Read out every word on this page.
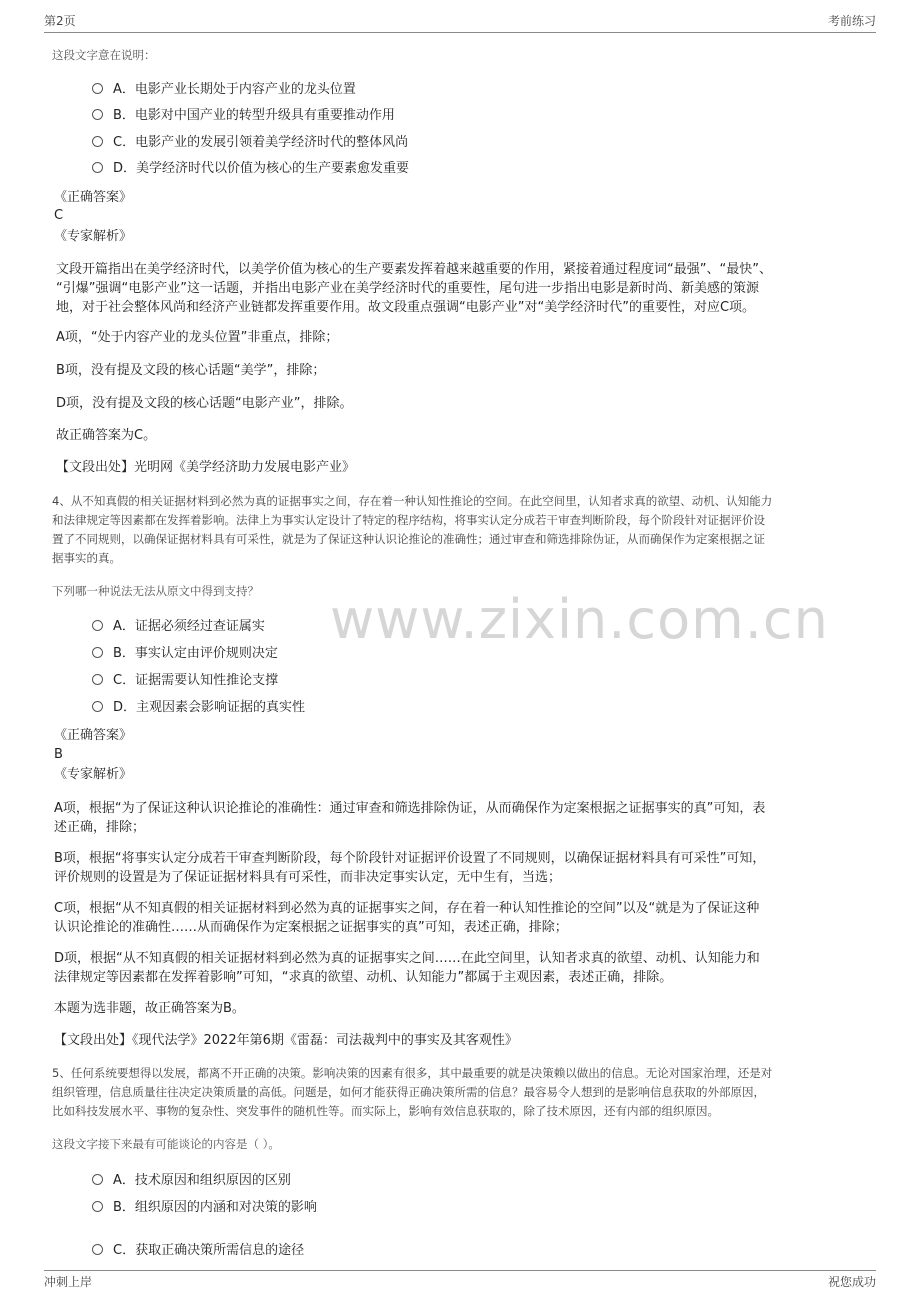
第2页	考前练习
www.zixin.com.cn

这段文字意在说明：

A．电影产业长期处于内容产业的龙头位置
B．电影对中国产业的转型升级具有重要推动作用
C．电影产业的发展引领着美学经济时代的整体风尚
D．美学经济时代以价值为核心的生产要素愈发重要

《正确答案》

C

《专家解析》

文段开篇指出在美学经济时代，以美学价值为核心的生产要素发挥着越来越重要的作用，紧接着通过程度词“最强”、“最快”、

“引爆”强调“电影产业”这一话题，并指出电影产业在美学经济时代的重要性，尾句进一步指出电影是新时尚、新美感的策源

地，对于社会整体风尚和经济产业链都发挥重要作用。故文段重点强调“电影产业”对“美学经济时代”的重要性，对应C项。

A项，“处于内容产业的龙头位置”非重点，排除；

B项，没有提及文段的核心话题“美学”，排除；

D项，没有提及文段的核心话题“电影产业”，排除。

故正确答案为C。

【文段出处】光明网《美学经济助力发展电影产业》

4、从不知真假的相关证据材料到必然为真的证据事实之间，存在着一种认知性推论的空间。在此空间里，认知者求真的欲望、动机、认知能力

和法律规定等因素都在发挥着影响。法律上为事实认定设计了特定的程序结构，将事实认定分成若干审查判断阶段，每个阶段针对证据评价设

置了不同规则，以确保证据材料具有可采性，就是为了保证这种认识论推论的准确性；通过审查和筛选排除伪证，从而确保作为定案根据之证

据事实的真。

下列哪一种说法无法从原文中得到支持？

A．证据必须经过查证属实
B．事实认定由评价规则决定
C．证据需要认知性推论支撑
D．主观因素会影响证据的真实性

《正确答案》

B

《专家解析》

A项，根据“为了保证这种认识论推论的准确性：通过审查和筛选排除伪证，从而确保作为定案根据之证据事实的真”可知，表

述正确，排除；

B项，根据“将事实认定分成若干审查判断阶段，每个阶段针对证据评价设置了不同规则，以确保证据材料具有可采性”可知，

评价规则的设置是为了保证证据材料具有可采性，而非决定事实认定，无中生有，当选；

C项，根据“从不知真假的相关证据材料到必然为真的证据事实之间，存在着一种认知性推论的空间”以及“就是为了保证这种

认识论推论的准确性……从而确保作为定案根据之证据事实的真”可知，表述正确，排除；

D项，根据“从不知真假的相关证据材料到必然为真的证据事实之间……在此空间里，认知者求真的欲望、动机、认知能力和

法律规定等因素都在发挥着影响”可知，“求真的欲望、动机、认知能力”都属于主观因素，表述正确，排除。

本题为选非题，故正确答案为B。

【文段出处】《现代法学》2022年第6期《雷磊：司法裁判中的事实及其客观性》

5、任何系统要想得以发展，都离不开正确的决策。影响决策的因素有很多，其中最重要的就是决策赖以做出的信息。无论对国家治理，还是对

组织管理，信息质量往往决定决策质量的高低。问题是，如何才能获得正确决策所需的信息？最容易令人想到的是影响信息获取的外部原因，

比如科技发展水平、事物的复杂性、突发事件的随机性等。而实际上，影响有效信息获取的，除了技术原因，还有内部的组织原因。

这段文字接下来最有可能谈论的内容是（ ）。

A．技术原因和组织原因的区别
B．组织原因的内涵和对决策的影响
C．获取正确决策所需信息的途径
冲刺上岸	祝您成功
